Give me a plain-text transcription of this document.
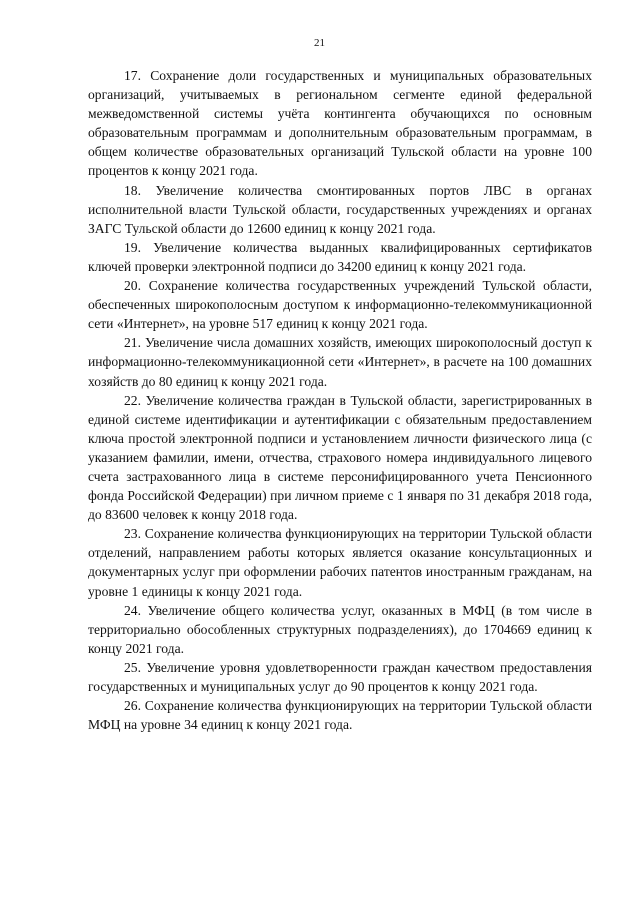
21

17. Сохранение доли государственных и муниципальных образовательных организаций, учитываемых в региональном сегменте единой федеральной межведомственной системы учёта контингента обучающихся по основным образовательным программам и дополнительным образовательным программам, в общем количестве образовательных организаций Тульской области на уровне 100 процентов к концу 2021 года.

18. Увеличение количества смонтированных портов ЛВС в органах исполнительной власти Тульской области, государственных учреждениях и органах ЗАГС Тульской области до 12600 единиц к концу 2021 года.

19. Увеличение количества выданных квалифицированных сертификатов ключей проверки электронной подписи до 34200 единиц к концу 2021 года.

20. Сохранение количества государственных учреждений Тульской области, обеспеченных широкополосным доступом к информационно-телекоммуникационной сети «Интернет», на уровне 517 единиц к концу 2021 года.

21. Увеличение числа домашних хозяйств, имеющих широкополосный доступ к информационно-телекоммуникационной сети «Интернет», в расчете на 100 домашних хозяйств до 80 единиц к концу 2021 года.

22. Увеличение количества граждан в Тульской области, зарегистрированных в единой системе идентификации и аутентификации с обязательным предоставлением ключа простой электронной подписи и установлением личности физического лица (с указанием фамилии, имени, отчества, страхового номера индивидуального лицевого счета застрахованного лица в системе персонифицированного учета Пенсионного фонда Российской Федерации) при личном приеме с 1 января по 31 декабря 2018 года, до 83600 человек к концу 2018 года.

23. Сохранение количества функционирующих на территории Тульской области отделений, направлением работы которых является оказание консультационных и документарных услуг при оформлении рабочих патентов иностранным гражданам, на уровне 1 единицы к концу 2021 года.

24. Увеличение общего количества услуг, оказанных в МФЦ (в том числе в территориально обособленных структурных подразделениях), до 1704669 единиц к концу 2021 года.

25. Увеличение уровня удовлетворенности граждан качеством предоставления государственных и муниципальных услуг до 90 процентов к концу 2021 года.

26. Сохранение количества функционирующих на территории Тульской области МФЦ на уровне 34 единиц к концу 2021 года.
